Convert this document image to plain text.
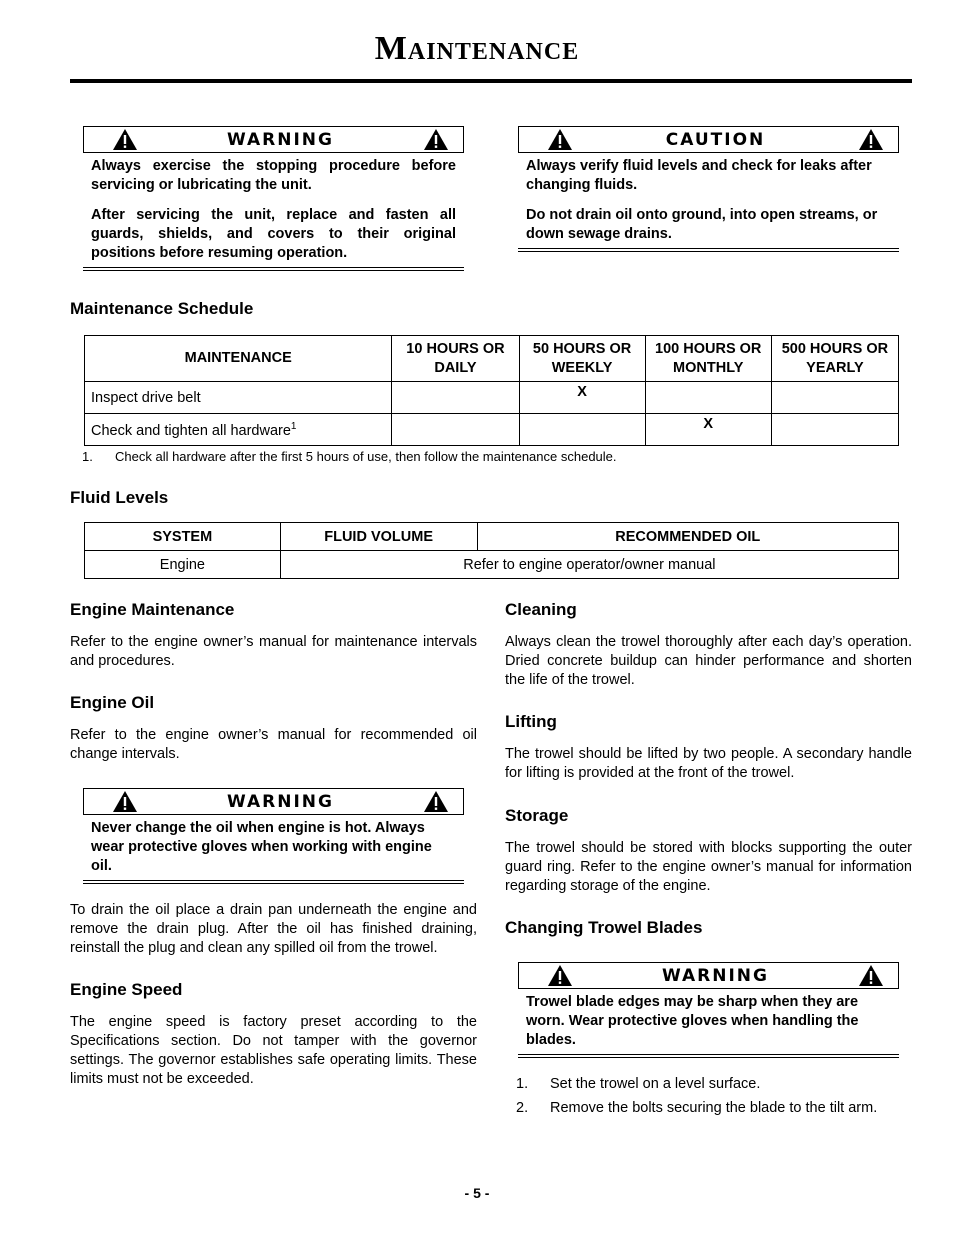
Maintenance
WARNING

Always exercise the stopping procedure before servicing or lubricating the unit.

After servicing the unit, replace and fasten all guards, shields, and covers to their original positions before resuming operation.

CAUTION

Always verify fluid levels and check for leaks after changing fluids.

Do not drain oil onto ground, into open streams, or down sewage drains.

Maintenance Schedule
MAINTENANCE	10 HOURS OR DAILY	50 HOURS OR WEEKLY	100 HOURS OR MONTHLY	500 HOURS OR YEARLY
Inspect drive belt		X		
Check and tighten all hardware$^1$			X	
1. Check all hardware after the first 5 hours of use, then follow the maintenance schedule.
Fluid Levels
SYSTEM	FLUID VOLUME	RECOMMENDED OIL
Engine	Refer to engine operator/owner manual	
Engine Maintenance
Refer to the engine owner’s manual for maintenance intervals and procedures.
Engine Oil
Refer to the engine owner’s manual for recommended oil change intervals.
WARNING

Never change the oil when engine is hot. Always wear protective gloves when working with engine oil.

To drain the oil place a drain pan underneath the engine and remove the drain plug. After the oil has finished draining, reinstall the plug and clean any spilled oil from the trowel.
Engine Speed
The engine speed is factory preset according to the Specifications section. Do not tamper with the governor settings. The governor establishes safe operating limits. These limits must not be exceeded.
Cleaning
Always clean the trowel thoroughly after each day’s operation. Dried concrete buildup can hinder performance and shorten the life of the trowel.
Lifting
The trowel should be lifted by two people. A secondary handle for lifting is provided at the front of the trowel.
Storage
The trowel should be stored with blocks supporting the outer guard ring. Refer to the engine owner’s manual for information regarding storage of the engine.
Changing Trowel Blades
WARNING

Trowel blade edges may be sharp when they are worn. Wear protective gloves when handling the blades.

1.	Set the trowel on a level surface.
2.	Remove the bolts securing the blade to the tilt arm.
- 5 -
